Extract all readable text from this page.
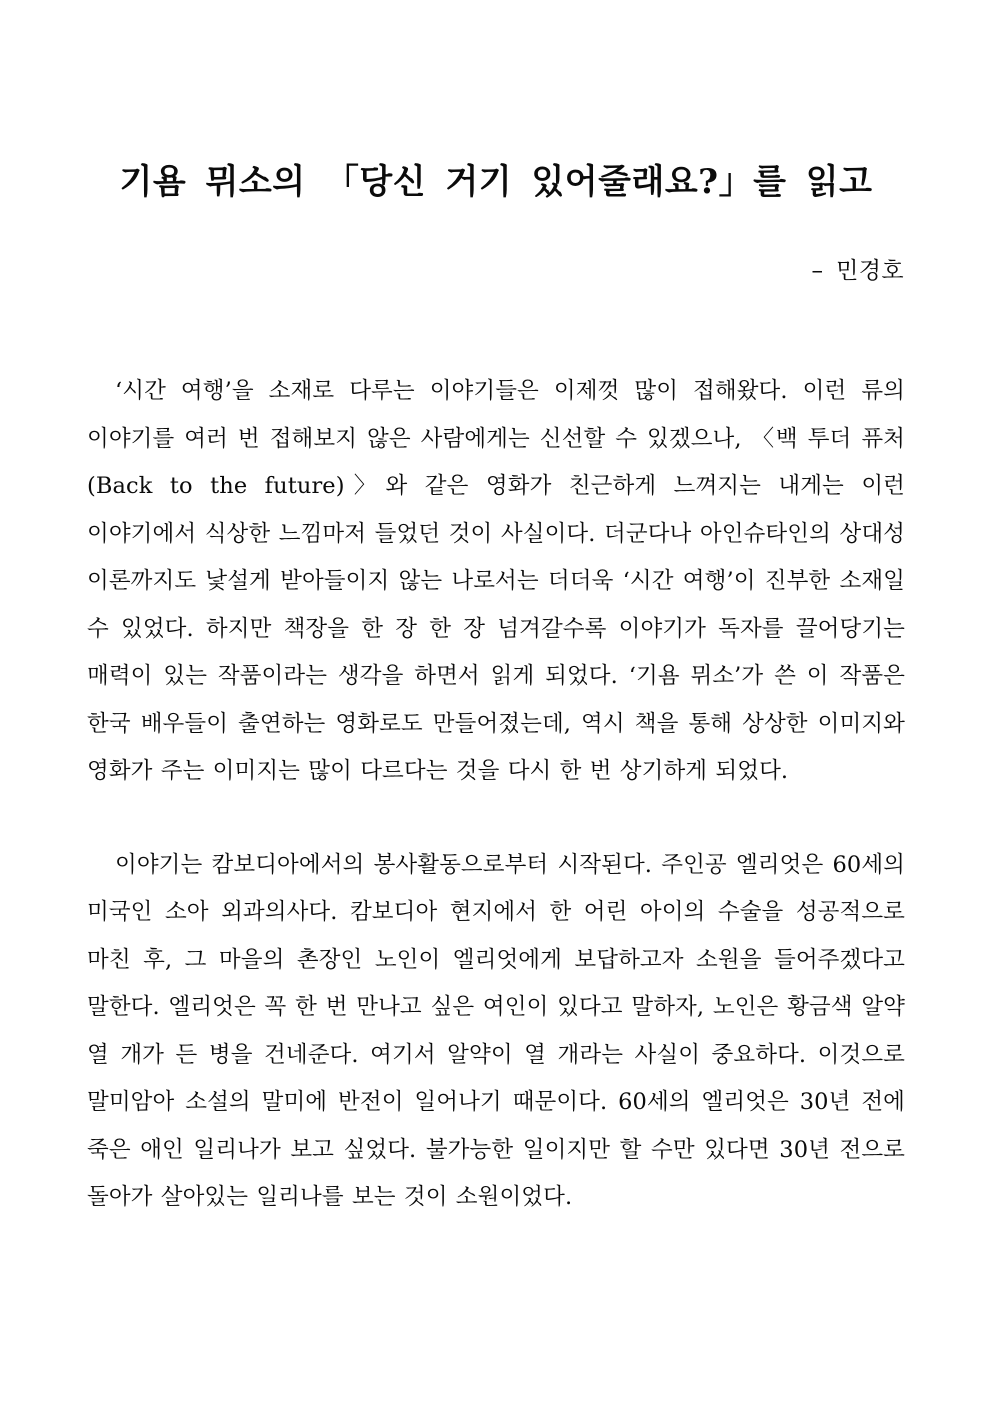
기욤 뮈소의 「당신 거기 있어줄래요?」를 읽고
– 민경호

‘시간 여행’을 소재로 다루는 이야기들은 이제껏 많이 접해왔다. 이런 류의 이야기를 여러 번 접해보지 않은 사람에게는 신선할 수 있겠으나, 〈백 투더 퓨처(Back to the future)〉와 같은 영화가 친근하게 느껴지는 내게는 이런 이야기에서 식상한 느낌마저 들었던 것이 사실이다. 더군다나 아인슈타인의 상대성 이론까지도 낯설게 받아들이지 않는 나로서는 더더욱 ‘시간 여행’이 진부한 소재일 수 있었다. 하지만 책장을 한 장 한 장 넘겨갈수록 이야기가 독자를 끌어당기는 매력이 있는 작품이라는 생각을 하면서 읽게 되었다. ‘기욤 뮈소’가 쓴 이 작품은 한국 배우들이 출연하는 영화로도 만들어졌는데, 역시 책을 통해 상상한 이미지와 영화가 주는 이미지는 많이 다르다는 것을 다시 한 번 상기하게 되었다.

이야기는 캄보디아에서의 봉사활동으로부터 시작된다. 주인공 엘리엇은 60세의 미국인 소아 외과의사다. 캄보디아 현지에서 한 어린 아이의 수술을 성공적으로 마친 후, 그 마을의 촌장인 노인이 엘리엇에게 보답하고자 소원을 들어주겠다고 말한다. 엘리엇은 꼭 한 번 만나고 싶은 여인이 있다고 말하자, 노인은 황금색 알약 열 개가 든 병을 건네준다. 여기서 알약이 열 개라는 사실이 중요하다. 이것으로 말미암아 소설의 말미에 반전이 일어나기 때문이다. 60세의 엘리엇은 30년 전에 죽은 애인 일리나가 보고 싶었다. 불가능한 일이지만 할 수만 있다면 30년 전으로 돌아가 살아있는 일리나를 보는 것이 소원이었다.
